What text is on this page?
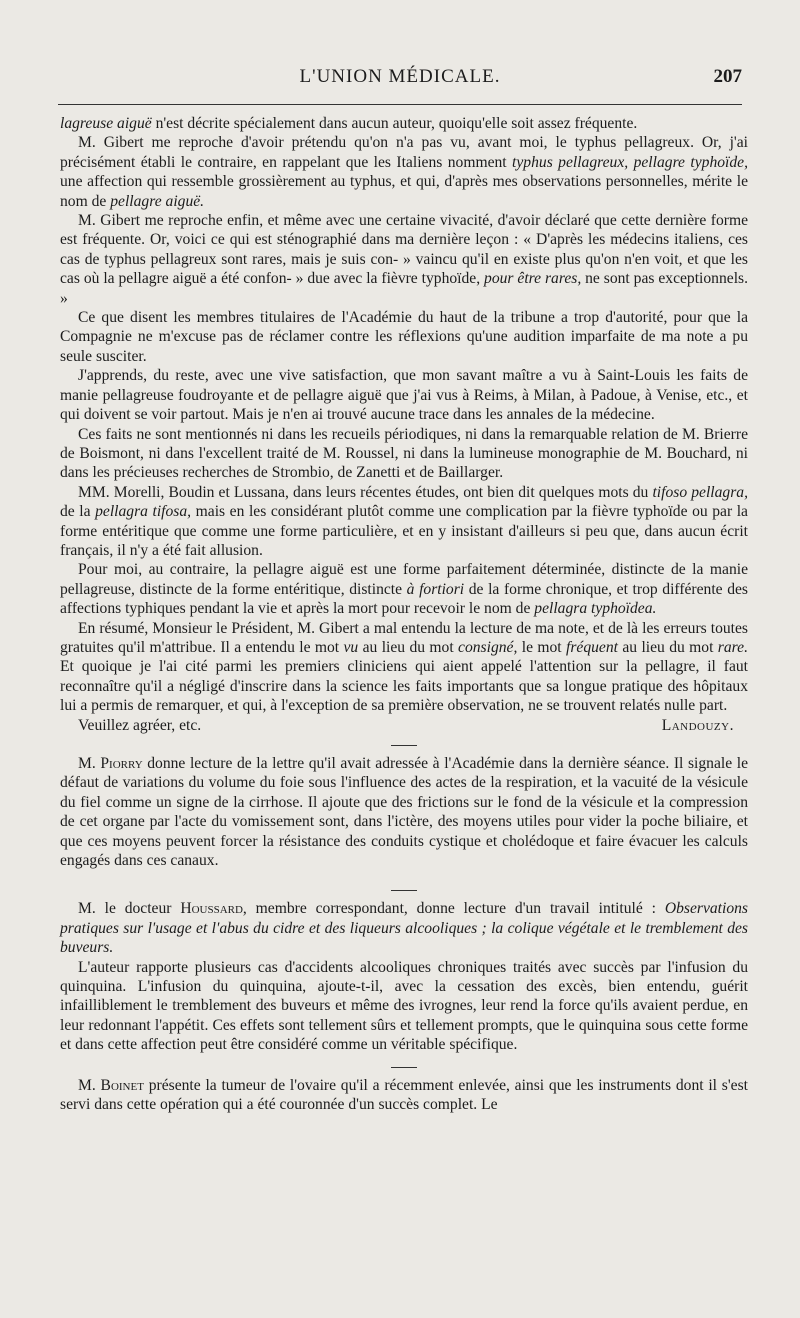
L'UNION MÉDICALE.	207

lagreuse aiguë n'est décrite spécialement dans aucun auteur, quoiqu'elle soit assez fréquente.

M. Gibert me reproche d'avoir prétendu qu'on n'a pas vu, avant moi, le typhus pellagreux. Or, j'ai précisément établi le contraire, en rappelant que les Italiens nomment typhus pellagreux, pellagre typhoïde, une affection qui ressemble grossièrement au typhus, et qui, d'après mes observations personnelles, mérite le nom de pellagre aiguë.

M. Gibert me reproche enfin, et même avec une certaine vivacité, d'avoir déclaré que cette dernière forme est fréquente. Or, voici ce qui est sténographié dans ma dernière leçon : « D'après les médecins italiens, ces cas de typhus pellagreux sont rares, mais je suis con- » vaincu qu'il en existe plus qu'on n'en voit, et que les cas où la pellagre aiguë a été confon- » due avec la fièvre typhoïde, pour être rares, ne sont pas exceptionnels. »

Ce que disent les membres titulaires de l'Académie du haut de la tribune a trop d'autorité, pour que la Compagnie ne m'excuse pas de réclamer contre les réflexions qu'une audition imparfaite de ma note a pu seule susciter.

J'apprends, du reste, avec une vive satisfaction, que mon savant maître a vu à Saint-Louis les faits de manie pellagreuse foudroyante et de pellagre aiguë que j'ai vus à Reims, à Milan, à Padoue, à Venise, etc., et qui doivent se voir partout. Mais je n'en ai trouvé aucune trace dans les annales de la médecine.

Ces faits ne sont mentionnés ni dans les recueils périodiques, ni dans la remarquable relation de M. Brierre de Boismont, ni dans l'excellent traité de M. Roussel, ni dans la lumineuse monographie de M. Bouchard, ni dans les précieuses recherches de Strombio, de Zanetti et de Baillarger.

MM. Morelli, Boudin et Lussana, dans leurs récentes études, ont bien dit quelques mots du tifoso pellagra, de la pellagra tifosa, mais en les considérant plutôt comme une complication par la fièvre typhoïde ou par la forme entéritique que comme une forme particulière, et en y insistant d'ailleurs si peu que, dans aucun écrit français, il n'y a été fait allusion.

Pour moi, au contraire, la pellagre aiguë est une forme parfaitement déterminée, distincte de la manie pellagreuse, distincte de la forme entéritique, distincte à fortiori de la forme chronique, et trop différente des affections typhiques pendant la vie et après la mort pour recevoir le nom de pellagra typhoïdea.

En résumé, Monsieur le Président, M. Gibert a mal entendu la lecture de ma note, et de là les erreurs toutes gratuites qu'il m'attribue. Il a entendu le mot vu au lieu du mot consigné, le mot fréquent au lieu du mot rare. Et quoique je l'ai cité parmi les premiers cliniciens qui aient appelé l'attention sur la pellagre, il faut reconnaître qu'il a négligé d'inscrire dans la science les faits importants que sa longue pratique des hôpitaux lui a permis de remarquer, et qui, à l'exception de sa première observation, ne se trouvent relatés nulle part.

Veuillez agréer, etc.	Landouzy.

M. Piorry donne lecture de la lettre qu'il avait adressée à l'Académie dans la dernière séance. Il signale le défaut de variations du volume du foie sous l'influence des actes de la respiration, et la vacuité de la vésicule du fiel comme un signe de la cirrhose. Il ajoute que des frictions sur le fond de la vésicule et la compression de cet organe par l'acte du vomissement sont, dans l'ictère, des moyens utiles pour vider la poche biliaire, et que ces moyens peuvent forcer la résistance des conduits cystique et cholédoque et faire évacuer les calculs engagés dans ces canaux.

M. le docteur Houssard, membre correspondant, donne lecture d'un travail intitulé : Observations pratiques sur l'usage et l'abus du cidre et des liqueurs alcooliques ; la colique végétale et le tremblement des buveurs.

L'auteur rapporte plusieurs cas d'accidents alcooliques chroniques traités avec succès par l'infusion du quinquina. L'infusion du quinquina, ajoute-t-il, avec la cessation des excès, bien entendu, guérit infailliblement le tremblement des buveurs et même des ivrognes, leur rend la force qu'ils avaient perdue, en leur redonnant l'appétit. Ces effets sont tellement sûrs et tellement prompts, que le quinquina sous cette forme et dans cette affection peut être considéré comme un véritable spécifique.

M. Boinet présente la tumeur de l'ovaire qu'il a récemment enlevée, ainsi que les instruments dont il s'est servi dans cette opération qui a été couronnée d'un succès complet. Le
